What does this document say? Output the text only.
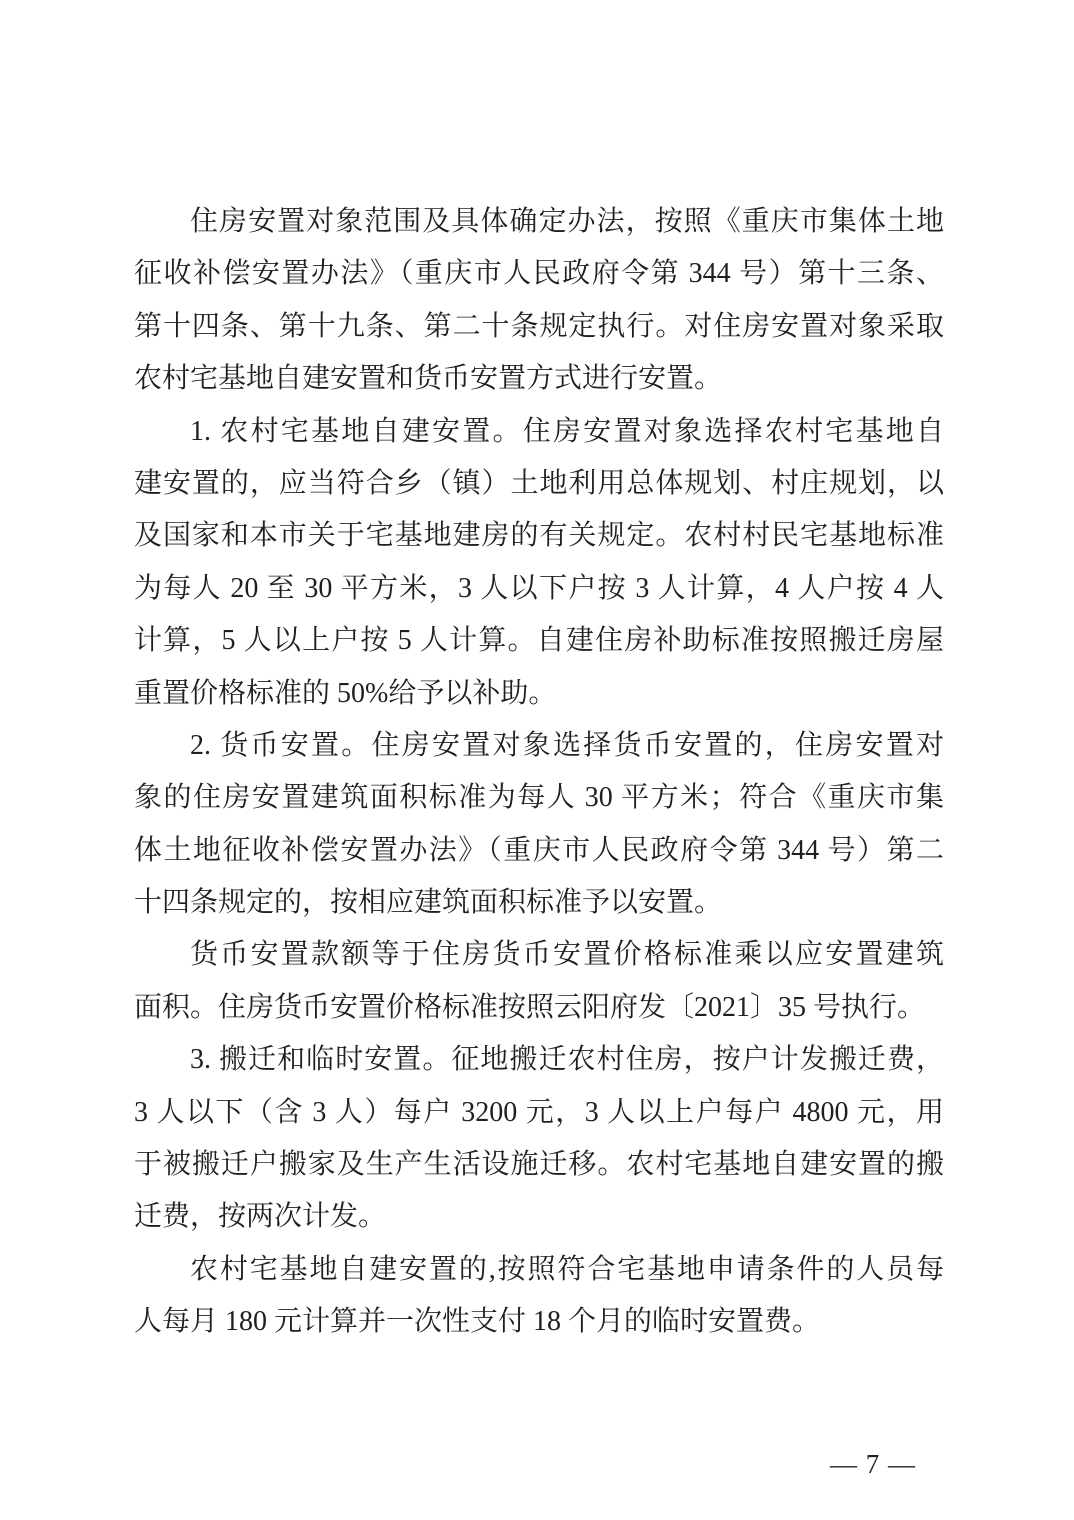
住房安置对象范围及具体确定办法，按照《重庆市集体土地
征收补偿安置办法》（重庆市人民政府令第 344 号）第十三条、
第十四条、第十九条、第二十条规定执行。对住房安置对象采取
农村宅基地自建安置和货币安置方式进行安置。
1. 农村宅基地自建安置。住房安置对象选择农村宅基地自
建安置的，应当符合乡（镇）土地利用总体规划、村庄规划，以
及国家和本市关于宅基地建房的有关规定。农村村民宅基地标准
为每人 20 至 30 平方米，3 人以下户按 3 人计算，4 人户按 4 人
计算，5 人以上户按 5 人计算。自建住房补助标准按照搬迁房屋
重置价格标准的 50%给予以补助。
2. 货币安置。住房安置对象选择货币安置的，住房安置对
象的住房安置建筑面积标准为每人 30 平方米；符合《重庆市集
体土地征收补偿安置办法》（重庆市人民政府令第 344 号）第二
十四条规定的，按相应建筑面积标准予以安置。
货币安置款额等于住房货币安置价格标准乘以应安置建筑
面积。住房货币安置价格标准按照云阳府发〔2021〕35 号执行。
3. 搬迁和临时安置。征地搬迁农村住房，按户计发搬迁费，
3 人以下（含 3 人）每户 3200 元，3 人以上户每户 4800 元，用
于被搬迁户搬家及生产生活设施迁移。农村宅基地自建安置的搬
迁费，按两次计发。
农村宅基地自建安置的,按照符合宅基地申请条件的人员每
人每月 180 元计算并一次性支付 18 个月的临时安置费。
— 7 —
